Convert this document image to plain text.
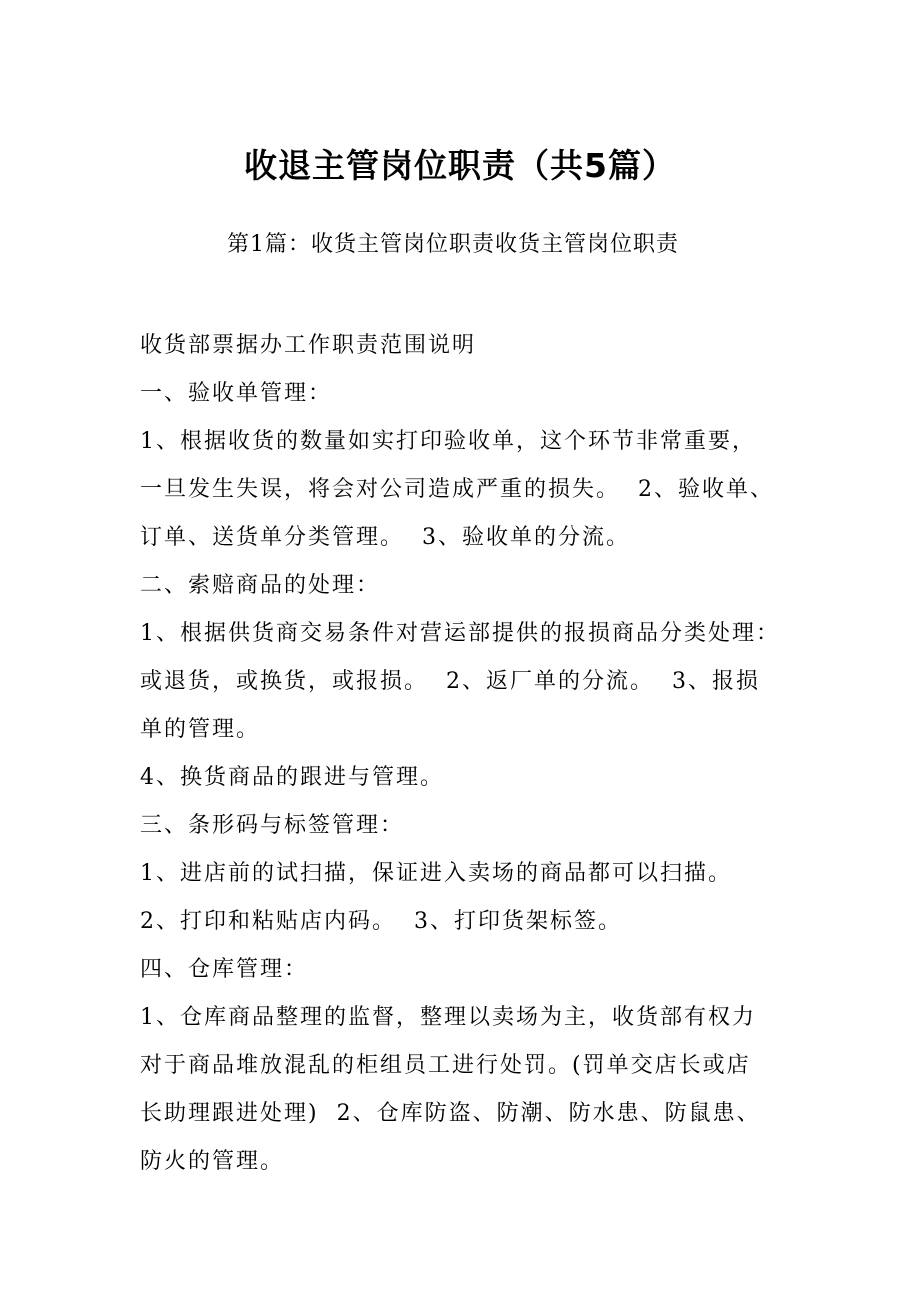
收退主管岗位职责（共5篇）
第1篇：收货主管岗位职责收货主管岗位职责
收货部票据办工作职责范围说明
一、验收单管理：
1、根据收货的数量如实打印验收单，这个环节非常重要，
一旦发生失误，将会对公司造成严重的损失。  2、验收单、
订单、送货单分类管理。  3、验收单的分流。
二、索赔商品的处理：
1、根据供货商交易条件对营运部提供的报损商品分类处理：
或退货，或换货，或报损。  2、返厂单的分流。  3、报损
单的管理。
4、换货商品的跟进与管理。
三、条形码与标签管理：
1、进店前的试扫描，保证进入卖场的商品都可以扫描。
2、打印和粘贴店内码。  3、打印货架标签。
四、仓库管理：
1、仓库商品整理的监督，整理以卖场为主，收货部有权力
对于商品堆放混乱的柜组员工进行处罚。(罚单交店长或店
长助理跟进处理)  2、仓库防盗、防潮、防水患、防鼠患、
防火的管理。
